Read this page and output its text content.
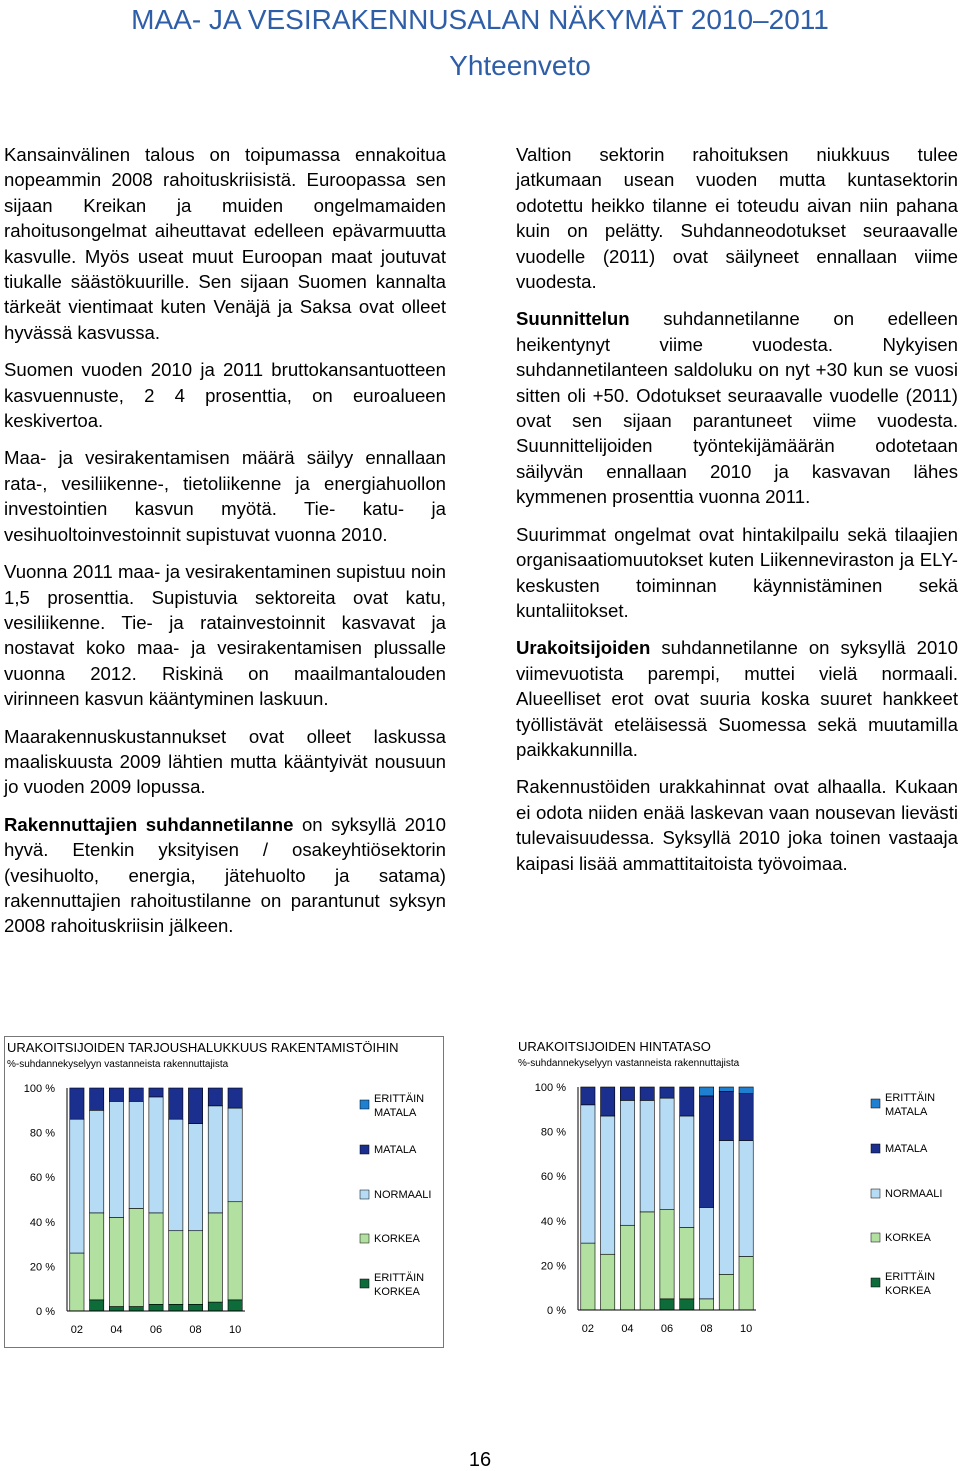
MAA- JA VESIRAKENNUSALAN NÄKYMÄT 2010–2011
Yhteenveto

Kansainvälinen talous on toipumassa ennakoitua nopeammin 2008 rahoituskriisistä. Euroopassa sen sijaan Kreikan ja muiden ongelmamaiden rahoitusongelmat aiheuttavat edelleen epävarmuutta kasvulle. Myös useat muut Euroopan maat joutuvat tiukalle säästökuurille. Sen sijaan Suomen kannalta tärkeät vientimaat kuten Venäjä ja Saksa ovat olleet hyvässä kasvussa.

Suomen vuoden 2010 ja 2011 bruttokansantuotteen kasvuennuste, 2 4 prosenttia, on euroalueen keskivertoa.

Maa- ja vesirakentamisen määrä säilyy ennallaan rata-, vesiliikenne-, tietoliikenne ja energiahuollon investointien kasvun myötä. Tie- katu- ja vesihuoltoinvestoinnit supistuvat vuonna 2010.

Vuonna 2011 maa- ja vesirakentaminen supistuu noin 1,5 prosenttia. Supistuvia sektoreita ovat katu, vesiliikenne. Tie- ja ratainvestoinnit kasvavat ja nostavat koko maa- ja vesirakentamisen plussalle vuonna 2012. Riskinä on maailmantalouden virinneen kasvun kääntyminen laskuun.

Maarakennuskustannukset ovat olleet laskussa maaliskuusta 2009 lähtien mutta kääntyivät nousuun jo vuoden 2009 lopussa.

Rakennuttajien suhdannetilanne on syksyllä 2010 hyvä. Etenkin yksityisen / osakeyhtiösektorin (vesihuolto, energia, jätehuolto ja satama) rakennuttajien rahoitustilanne on parantunut syksyn 2008 rahoituskriisin jälkeen.

Valtion sektorin rahoituksen niukkuus tulee jatkumaan usean vuoden mutta kuntasektorin odotettu heikko tilanne ei toteudu aivan niin pahana kuin on pelätty. Suhdanneodotukset seuraavalle vuodelle (2011) ovat säilyneet ennallaan viime vuodesta.

Suunnittelun suhdannetilanne on edelleen heikentynyt viime vuodesta. Nykyisen suhdannetilanteen saldoluku on nyt +30 kun se vuosi sitten oli +50. Odotukset seuraavalle vuodelle (2011) ovat sen sijaan parantuneet viime vuodesta. Suunnittelijoiden työntekijämäärän odotetaan säilyvän ennallaan 2010 ja kasvavan lähes kymmenen prosenttia vuonna 2011.

Suurimmat ongelmat ovat hintakilpailu sekä tilaajien organisaatiomuutokset kuten Liikenneviraston ja ELY-keskusten toiminnan käynnistäminen sekä kuntaliitokset.

Urakoitsijoiden suhdannetilanne on syksyllä 2010 viimevuotista parempi, muttei vielä normaali. Alueelliset erot ovat suuria koska suuret hankkeet työllistävät eteläisessä Suomessa sekä muutamilla paikkakunnilla.

Rakennustöiden urakkahinnat ovat alhaalla. Kukaan ei odota niiden enää laskevan vaan nousevan lievästi tulevaisuudessa. Syksyllä 2010 joka toinen vastaaja kaipasi lisää ammattitaitoista työvoimaa.

URAKOITSIJOIDEN TARJOUSHALUKKUUS RAKENTAMISTÖIHIN
%-suhdannekyselyyn vastanneista rakennuttajista
100 %
80 %
60 %
40 %
20 %
0 %
02 04 06 08 10
ERITTÄIN MATALA
MATALA
NORMAALI
KORKEA
ERITTÄIN KORKEA
URAKOITSIJOIDEN HINTATASO
%-suhdannekyselyyn vastanneista rakennuttajista
100 %
80 %
60 %
40 %
20 %
0 %
02 04 06 08 10
ERITTÄIN MATALA
MATALA
NORMAALI
KORKEA
ERITTÄIN KORKEA
16
